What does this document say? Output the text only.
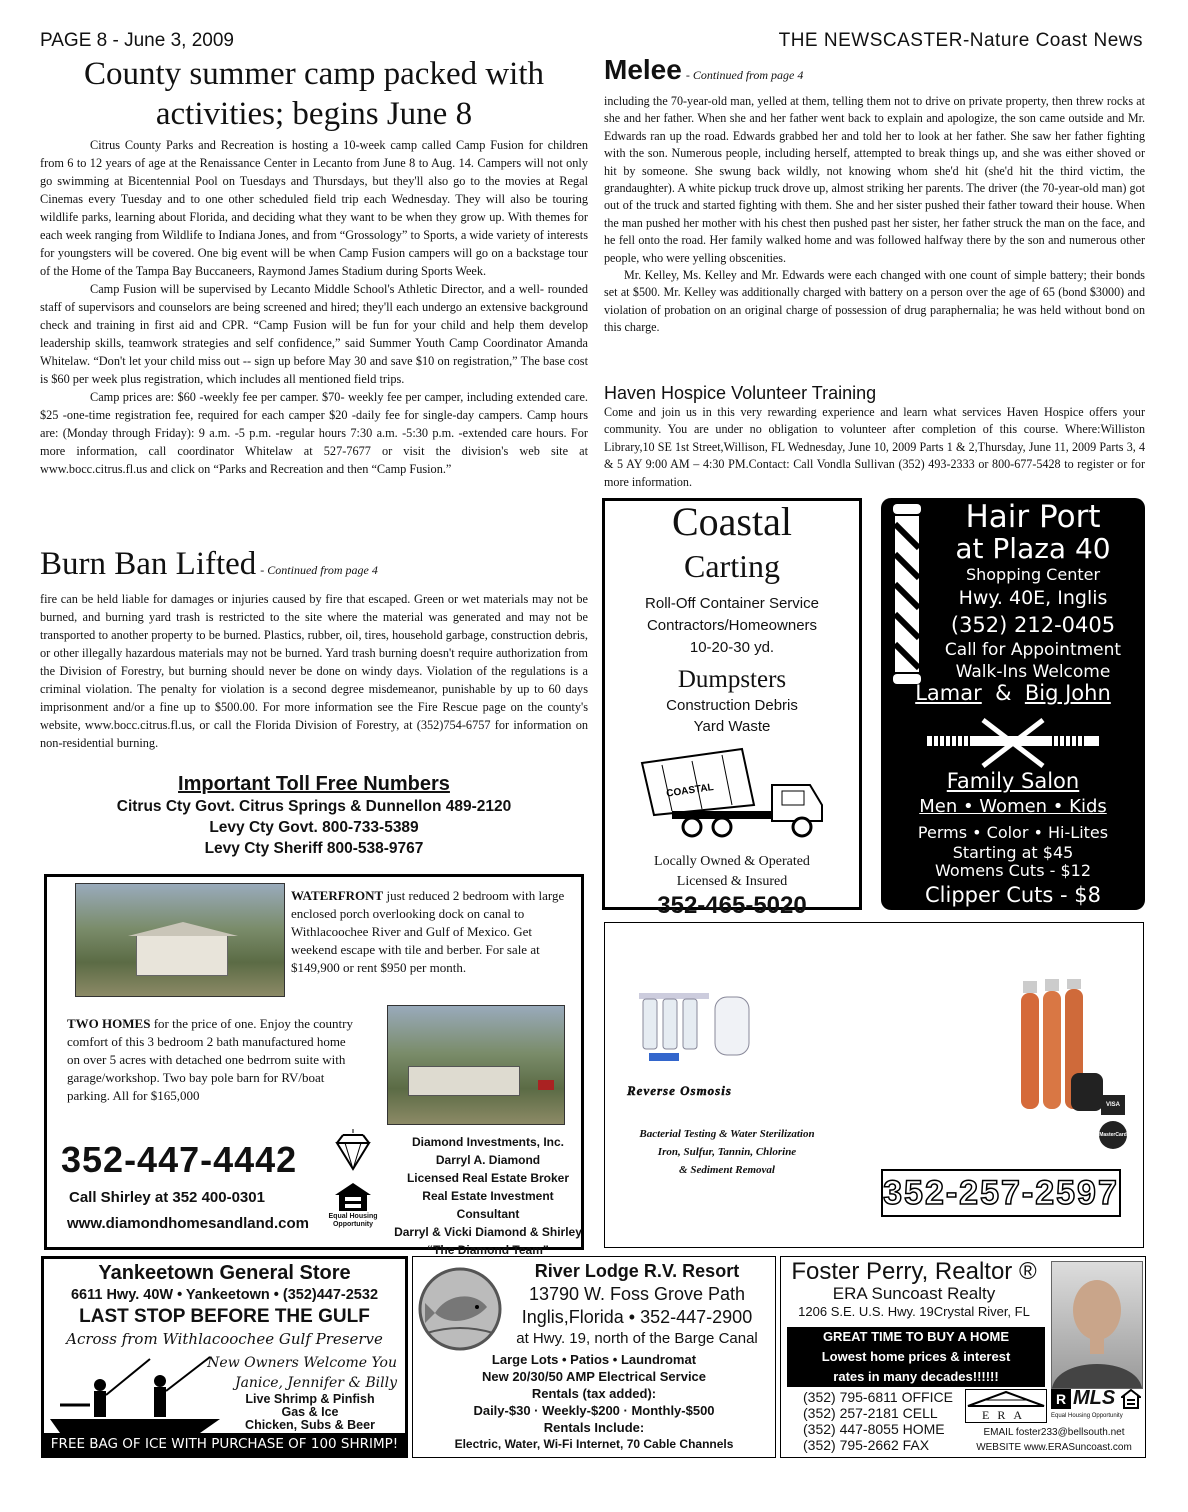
PAGE 8 - June 3, 2009	THE NEWSCASTER-Nature Coast News
County summer camp packed with activities; begins June 8

Citrus County Parks and Recreation is hosting a 10-week camp called Camp Fusion for children from 6 to 12 years of age at the Renaissance Center in Lecanto from June 8 to Aug. 14. Campers will not only go swimming at Bicentennial Pool on Tuesdays and Thursdays, but they'll also go to the movies at Regal Cinemas every Tuesday and to one other scheduled field trip each Wednesday. They will also be touring wildlife parks, learning about Florida, and deciding what they want to be when they grow up. With themes for each week ranging from Wildlife to Indiana Jones, and from “Grossology” to Sports, a wide variety of interests for youngsters will be covered. One big event will be when Camp Fusion campers will go on a backstage tour of the Home of the Tampa Bay Buccaneers, Raymond James Stadium during Sports Week.

Camp Fusion will be supervised by Lecanto Middle School's Athletic Director, and a well- rounded staff of supervisors and counselors are being screened and hired; they'll each undergo an extensive background check and training in first aid and CPR. “Camp Fusion will be fun for your child and help them develop leadership skills, teamwork strategies and self confidence,” said Summer Youth Camp Coordinator Amanda Whitelaw. “Don't let your child miss out -- sign up before May 30 and save $10 on registration,” The base cost is $60 per week plus registration, which includes all mentioned field trips.

Camp prices are: $60 -weekly fee per camper. $70- weekly fee per camper, including extended care. $25 -one-time registration fee, required for each camper $20 -daily fee for single-day campers. Camp hours are: (Monday through Friday): 9 a.m. -5 p.m. -regular hours 7:30 a.m. -5:30 p.m. -extended care hours. For more information, call coordinator Whitelaw at 527-7677 or visit the division's web site at www.bocc.citrus.fl.us and click on “Parks and Recreation and then “Camp Fusion.”

Burn Ban Lifted - Continued from page 4

fire can be held liable for damages or injuries caused by fire that escaped. Green or wet materials may not be burned, and burning yard trash is restricted to the site where the material was generated and may not be transported to another property to be burned. Plastics, rubber, oil, tires, household garbage, construction debris, or other illegally hazardous materials may not be burned. Yard trash burning doesn't require authorization from the Division of Forestry, but burning should never be done on windy days. Violation of the regulations is a criminal violation. The penalty for violation is a second degree misdemeanor, punishable by up to 60 days imprisonment and/or a fine up to $500.00. For more information see the Fire Rescue page on the county's website, www.bocc.citrus.fl.us, or call the Florida Division of Forestry, at (352)754-6757 for information on non-residential burning.

Important Toll Free Numbers
Citrus Cty Govt. Citrus Springs & Dunnellon 489-2120
Levy Cty Govt. 800-733-5389
Levy Cty Sheriff 800-538-9767
WATERFRONT just reduced 2 bedroom with large enclosed porch overlooking dock on canal to Withlacoochee River and Gulf of Mexico. Get weekend escape with tile and berber. For sale at $149,900 or rent $950 per month.
TWO HOMES for the price of one. Enjoy the country comfort of this 3 bedroom 2 bath manufactured home on over 5 acres with detached one bedrrom suite with garage/workshop. Two bay pole barn for RV/boat parking. All for $165,000
352-447-4442
Call Shirley at 352 400-0301
www.diamondhomesandland.com	Equal Housing Opportunity
Diamond Investments, Inc.
Darryl A. Diamond
Licensed Real Estate Broker
Real Estate Investment Consultant
Darryl & Vicki Diamond & Shirley
“The Diamond Team”
Melee - Continued from page 4

including the 70-year-old man, yelled at them, telling them not to drive on private property, then threw rocks at she and her father. When she and her father went back to explain and apologize, the son came outside and Mr. Edwards ran up the road. Edwards grabbed her and told her to look at her father. She saw her father fighting with the son. Numerous people, including herself, attempted to break things up, and she was either shoved or hit by someone. She swung back wildly, not knowing whom she'd hit (she'd hit the third victim, the grandaughter). A white pickup truck drove up, almost striking her parents. The driver (the 70-year-old man) got out of the truck and started fighting with them. She and her sister pushed their father toward their house. When the man pushed her mother with his chest then pushed past her sister, her father struck the man on the face, and he fell onto the road. Her family walked home and was followed halfway there by the son and numerous other people, who were yelling obscenities.

Mr. Kelley, Ms. Kelley and Mr. Edwards were each changed with one count of simple battery; their bonds set at $500. Mr. Kelley was additionally charged with battery on a person over the age of 65 (bond $3000) and violation of probation on an original charge of possession of drug paraphernalia; he was held without bond on this charge.

Haven Hospice Volunteer Training

Come and join us in this very rewarding experience and learn what services Haven Hospice offers your community. You are under no obligation to volunteer after completion of this course. Where:Williston Library,10 SE 1st Street,Willison, FL Wednesday, June 10, 2009 Parts 1 & 2,Thursday, June 11, 2009 Parts 3, 4 & 5 AY 9:00 AM – 4:30 PM.Contact: Call Vondla Sullivan (352) 493-2333 or 800-677-5428 to register or for more information.

Coastal
Carting
Roll-Off Container Service
Contractors/Homeowners
10-20-30 yd.
Dumpsters
Construction Debris
Yard Waste
COASTAL
Locally Owned & Operated
Licensed & Insured
352-465-5020
Hair Port
at Plaza 40
Shopping Center
Hwy. 40E, Inglis
(352) 212-0405
Call for Appointment
Walk-Ins Welcome
Lamar & Big John
Family Salon
Men • Women • Kids
Perms • Color • Hi-Lites
Starting at $45
Womens Cuts - $12
Clipper Cuts - $8
Reverse Osmosis
Bacterial Testing & Water Sterilization
Iron, Sulfur, Tannin, Chlorine
& Sediment Removal
VISA
MasterCard
352-257-2597
Yankeetown General Store
6611 Hwy. 40W • Yankeetown • (352)447-2532
LAST STOP BEFORE THE GULF
Across from Withlacoochee Gulf Preserve
New Owners Welcome You
Janice, Jennifer & Billy
Live Shrimp & Pinfish
Gas & Ice
Chicken, Subs & Beer
FREE BAG OF ICE WITH PURCHASE OF 100 SHRIMP!
River Lodge R.V. Resort
13790 W. Foss Grove Path
Inglis,Florida • 352-447-2900
at Hwy. 19, north of the Barge Canal
Large Lots • Patios • Laundromat
New 20/30/50 AMP Electrical Service
Rentals (tax added):
Daily-$30 · Weekly-$200 · Monthly-$500
Rentals Include:
Electric, Water, Wi-Fi Internet, 70 Cable Channels
Foster Perry, Realtor ®
ERA Suncoast Realty
1206 S.E. U.S. Hwy. 19Crystal River, FL
GREAT TIME TO BUY A HOME
Lowest home prices & interest
rates in many decades!!!!!!
(352) 795-6811 OFFICE
(352) 257-2181 CELL
(352) 447-8055 HOME
(352) 795-2662 FAX
ERA
R MLS
Equal Housing Opportunity
EMAIL foster233@bellsouth.net
WEBSITE www.ERASuncoast.com
